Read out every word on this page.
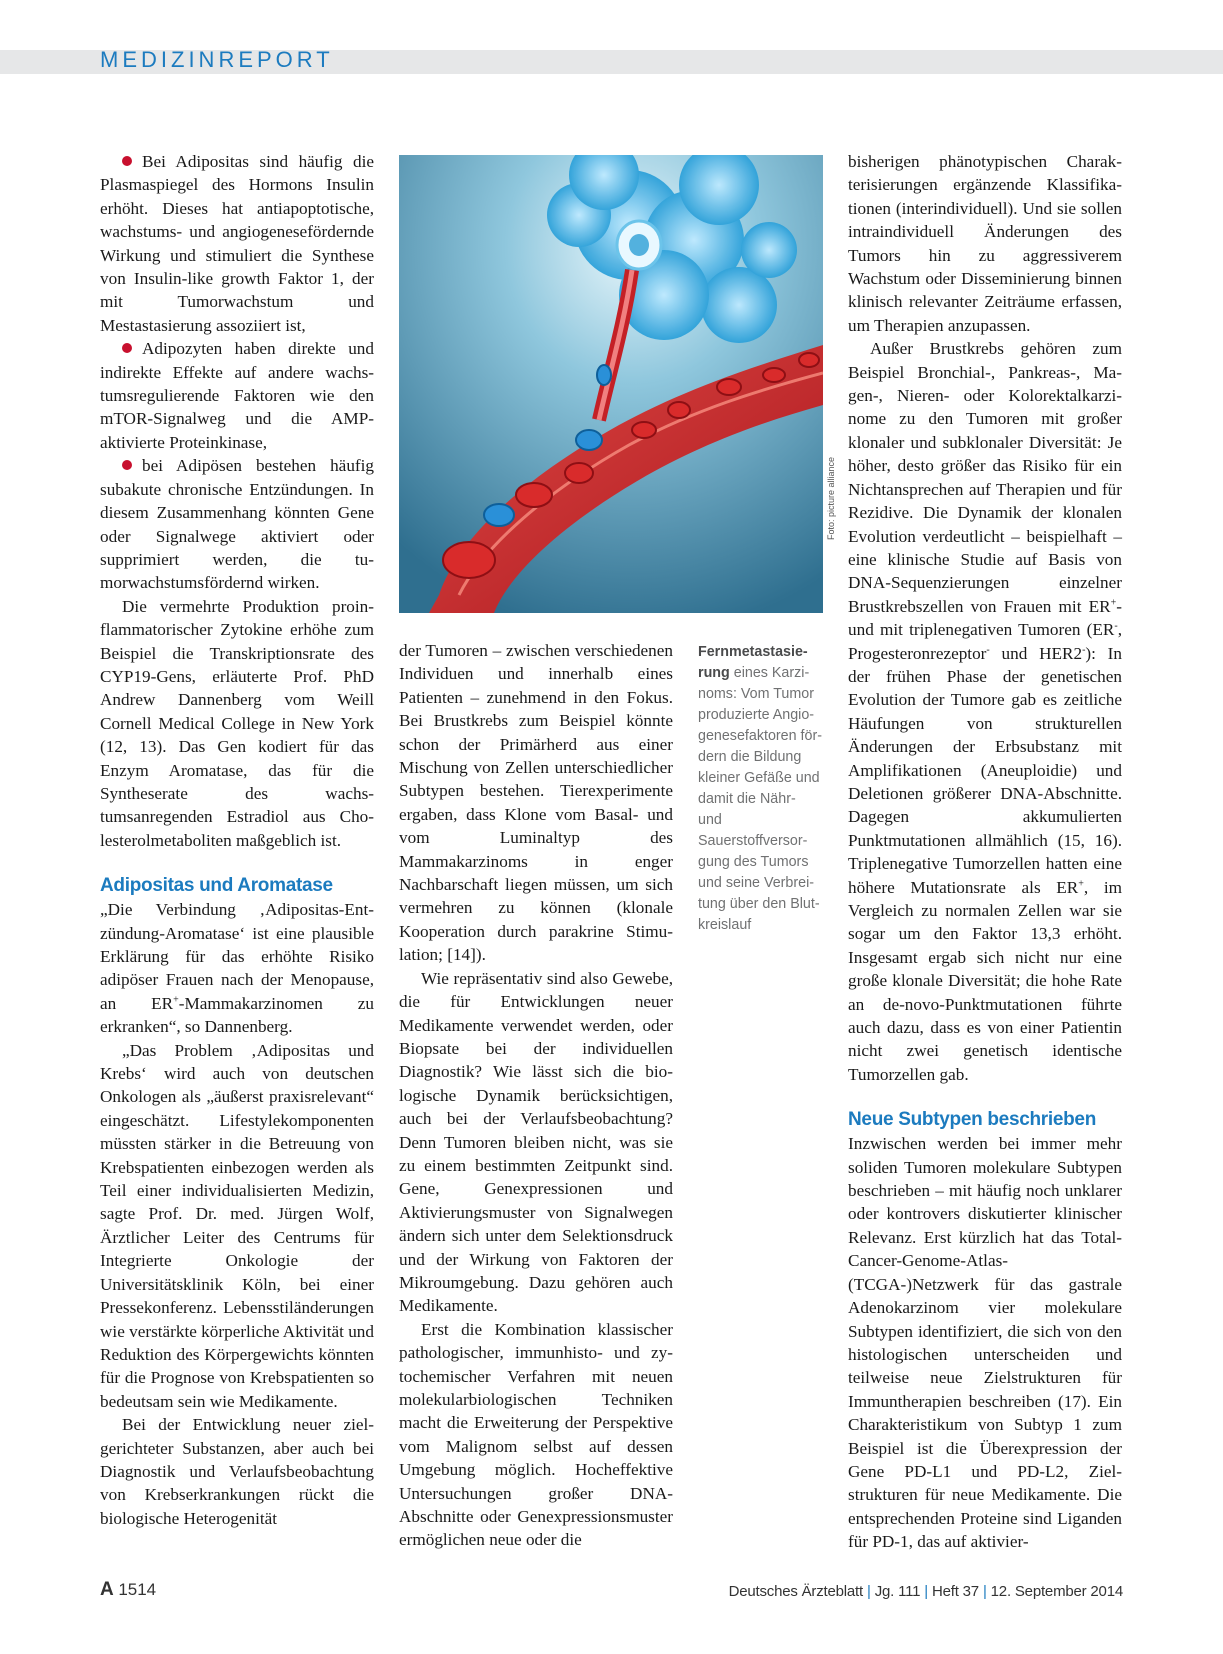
MEDIZINREPORT

Bei Adipositas sind häufig die Plasmaspiegel des Hormons Insulin erhöht. Dieses hat antiapoptotische, wachstums- und angiogenesefördernde Wirkung und stimuliert die Synthese von Insulin-like growth Faktor 1, der mit Tumorwachstum und Mestastasierung assoziiert ist,

Adipozyten haben direkte und indirekte Effekte auf andere wachstumsregulierende Faktoren wie den mTOR-Signalweg und die AMP-aktivierte Proteinkinase,

bei Adipösen bestehen häufig subakute chronische Entzündungen. In diesem Zusammenhang könnten Gene oder Signalwege aktiviert oder supprimiert werden, die tumorwachstumsfördernd wirken.

Die vermehrte Produktion proinflammatorischer Zytokine erhöhe zum Beispiel die Transkriptionsrate des CYP19-Gens, erläuterte Prof. PhD Andrew Dannenberg vom Weill Cornell Medical College in New York (12, 13). Das Gen kodiert für das Enzym Aromatase, das für die Syntheserate des wachstumsanregenden Estradiol aus Cholesterolmetaboliten maßgeblich ist.

Adipositas und Aromatase

„Die Verbindung ‚Adipositas-Entzündung-Aromatase‘ ist eine plausible Erklärung für das erhöhte Risiko adipöser Frauen nach der Menopause, an ER+-Mammakarzinomen zu erkranken“, so Dannenberg.

„Das Problem ‚Adipositas und Krebs‘ wird auch von deutschen Onkologen als „äußerst praxisrelevant“ eingeschätzt. Lifestylekomponenten müssten stärker in die Betreuung von Krebspatienten einbezogen werden als Teil einer individualisierten Medizin, sagte Prof. Dr. med. Jürgen Wolf, Ärztlicher Leiter des Centrums für Integrierte Onkologie der Universitätsklinik Köln, bei einer Pressekonferenz. Lebensstiländerungen wie verstärkte körperliche Aktivität und Reduktion des Körpergewichts könnten für die Prognose von Krebspatienten so bedeutsam sein wie Medikamente.

Bei der Entwicklung neuer zielgerichteter Substanzen, aber auch bei Diagnostik und Verlaufsbeobachtung von Krebserkrankungen rückt die biologische Heterogenität

Foto: picture alliance

der Tumoren – zwischen verschiedenen Individuen und innerhalb eines Patienten – zunehmend in den Fokus. Bei Brustkrebs zum Beispiel könnte schon der Primärherd aus einer Mischung von Zellen unterschiedlicher Subtypen bestehen. Tierexperimente ergaben, dass Klone vom Basal- und vom Luminaltyp des Mammakarzinoms in enger Nachbarschaft liegen müssen, um sich vermehren zu können (klonale Kooperation durch parakrine Stimulation; [14]).

Wie repräsentativ sind also Gewebe, die für Entwicklungen neuer Medikamente verwendet werden, oder Biopsate bei der individuellen Diagnostik? Wie lässt sich die biologische Dynamik berücksichtigen, auch bei der Verlaufsbeobachtung? Denn Tumoren bleiben nicht, was sie zu einem bestimmten Zeitpunkt sind. Gene, Genexpressionen und Aktivierungsmuster von Signalwegen ändern sich unter dem Selektionsdruck und der Wirkung von Faktoren der Mikroumgebung. Dazu gehören auch Medikamente.

Erst die Kombination klassischer pathologischer, immunhisto- und zytochemischer Verfahren mit neuen molekularbiologischen Techniken macht die Erweiterung der Perspektive vom Malignom selbst auf dessen Umgebung möglich. Hocheffektive Untersuchungen großer DNA-Abschnitte oder Genexpressionsmuster ermöglichen neue oder die

Fernmetastasierung eines Karzinoms: Vom Tumor produzierte Angiogenesefaktoren fördern die Bildung kleiner Gefäße und damit die Nähr- und Sauerstoffversorgung des Tumors und seine Verbreitung über den Blutkreislauf

bisherigen phänotypischen Charakterisierungen ergänzende Klassifikationen (interindividuell). Und sie sollen intraindividuell Änderungen des Tumors hin zu aggressiverem Wachstum oder Disseminierung binnen klinisch relevanter Zeiträume erfassen, um Therapien anzupassen.

Außer Brustkrebs gehören zum Beispiel Bronchial-, Pankreas-, Magen-, Nieren- oder Kolorektalkarzinome zu den Tumoren mit großer klonaler und subklonaler Diversität: Je höher, desto größer das Risiko für ein Nichtansprechen auf Therapien und für Rezidive. Die Dynamik der klonalen Evolution verdeutlicht – beispielhaft – eine klinische Studie auf Basis von DNA-Sequenzierungen einzelner Brustkrebszellen von Frauen mit ER+- und mit triplenegativen Tumoren (ER-, Progesteronrezeptor- und HER2-): In der frühen Phase der genetischen Evolution der Tumore gab es zeitliche Häufungen von strukturellen Änderungen der Erbsubstanz mit Amplifikationen (Aneuploidie) und Deletionen größerer DNA-Abschnitte. Dagegen akkumulierten Punktmutationen allmählich (15, 16). Triplenegative Tumorzellen hatten eine höhere Mutationsrate als ER+, im Vergleich zu normalen Zellen war sie sogar um den Faktor 13,3 erhöht. Insgesamt ergab sich nicht nur eine große klonale Diversität; die hohe Rate an de-novo-Punktmutationen führte auch dazu, dass es von einer Patientin nicht zwei genetisch identische Tumorzellen gab.

Neue Subtypen beschrieben

Inzwischen werden bei immer mehr soliden Tumoren molekulare Subtypen beschrieben – mit häufig noch unklarer oder kontrovers diskutierter klinischer Relevanz. Erst kürzlich hat das Total-Cancer-Genome-Atlas-(TCGA-)Netzwerk für das gastrale Adenokarzinom vier molekulare Subtypen identifiziert, die sich von den histologischen unterscheiden und teilweise neue Zielstrukturen für Immuntherapien beschreiben (17). Ein Charakteristikum von Subtyp 1 zum Beispiel ist die Überexpression der Gene PD-L1 und PD-L2, Zielstrukturen für neue Medikamente. Die entsprechenden Proteine sind Liganden für PD-1, das auf aktivier-

A 1514	Deutsches Ärzteblatt | Jg. 111 | Heft 37 | 12. September 2014
